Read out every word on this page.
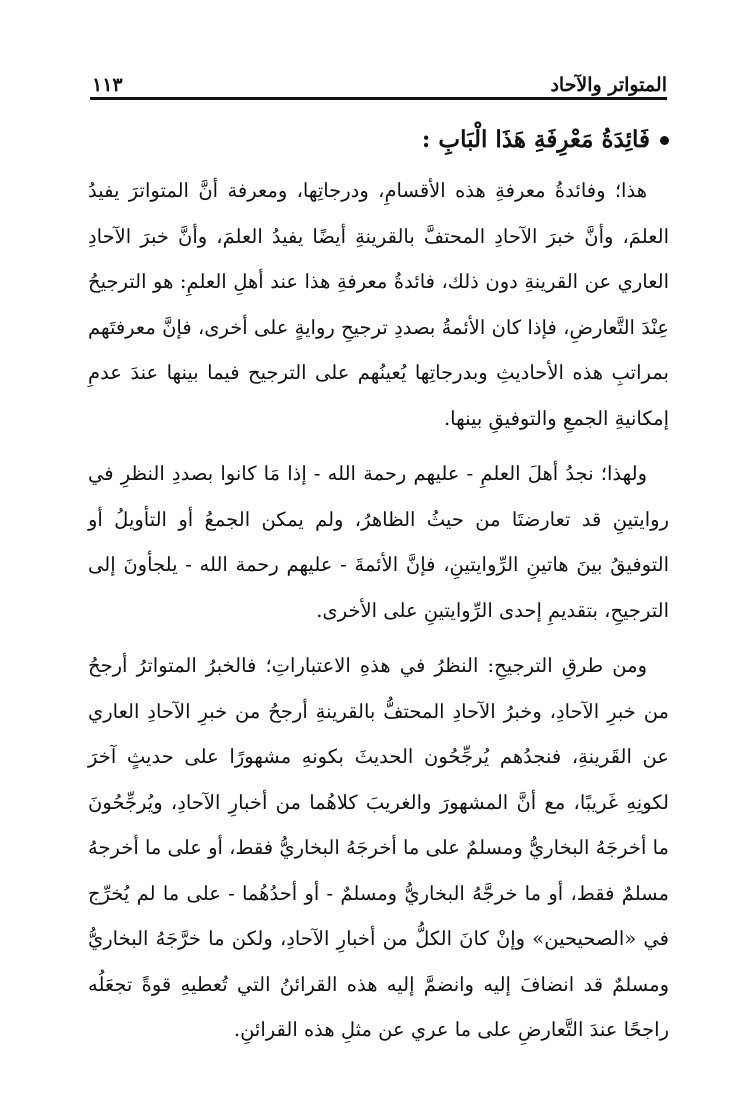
المتواتر والآحاد
١١٣
فَائِدَةُ مَعْرِفَةِ هَذَا الْبَابِ :

هذا؛ وفائدةُ معرفةِ هذه الأقسامِ، ودرجاتِها، ومعرفة أنَّ المتواترَ يفيدُ العلمَ، وأنَّ خبرَ الآحادِ المحتفَّ بالقرينةِ أيضًا يفيدُ العلمَ، وأنَّ خبرَ الآحادِ العاري عن القرينةِ دون ذلك، فائدةُ معرفةِ هذا عند أهلِ العلمِ: هو الترجيحُ عِنْدَ التَّعارضِ، فإذا كان الأئمةُ بصددِ ترجيحِ روايةٍ على أخرى، فإنَّ معرفتَهم بمراتبِ هذه الأحاديثِ وبدرجاتِها يُعينُهم على الترجيح فيما بينها عندَ عدمِ إمكانيةِ الجمعِ والتوفيقِ بينها.

ولهذا؛ نجدُ أهلَ العلمِ - عليهم رحمة الله - إذا مَا كانوا بصددِ النظرِ في روايتينِ قد تعارضتَا من حيثُ الظاهرُ، ولم يمكن الجمعُ أو التأويلُ أو التوفيقُ بينَ هاتينِ الرِّوايتينِ، فإنَّ الأئمةَ - عليهم رحمة الله - يلجأونَ إلى الترجيحِ، بتقديمِ إحدى الرِّوايتينِ على الأخرى.

ومن طرقِ الترجيحِ: النظرُ في هذهِ الاعتباراتِ؛ فالخبرُ المتواترُ أرجحُ من خبرِ الآحادِ، وخبرُ الآحادِ المحتفُّ بالقرينةِ أرجحُ من خبرِ الآحادِ العاري عن القَرينةِ، فنجدُهم يُرجِّحُون الحديثَ بكونهِ مشهورًا على حديثٍ آخرَ لكونِهِ غَريبًا، مع أنَّ المشهورَ والغريبَ كلاهُما من أخبارِ الآحادِ، ويُرجِّحُونَ ما أخرجَهُ البخاريُّ ومسلمٌ على ما أخرجَهُ البخاريُّ فقط، أو على ما أخرجهُ مسلمٌ فقط، أو ما خرجَّهُ البخاريُّ ومسلمٌ - أو أحدُهُما - على ما لم يُخرِّج في «الصحيحين» وإنْ كانَ الكلُّ من أخبارِ الآحادِ، ولكن ما خرَّجَهُ البخاريُّ ومسلمٌ قد انضافَ إليه وانضمَّ إليه هذه القرائنُ التي تُعطيهِ قوةً تجعَلُه راجحًا عندَ التَّعارضِ على ما عري عن مثلِ هذه القرائنِ.
